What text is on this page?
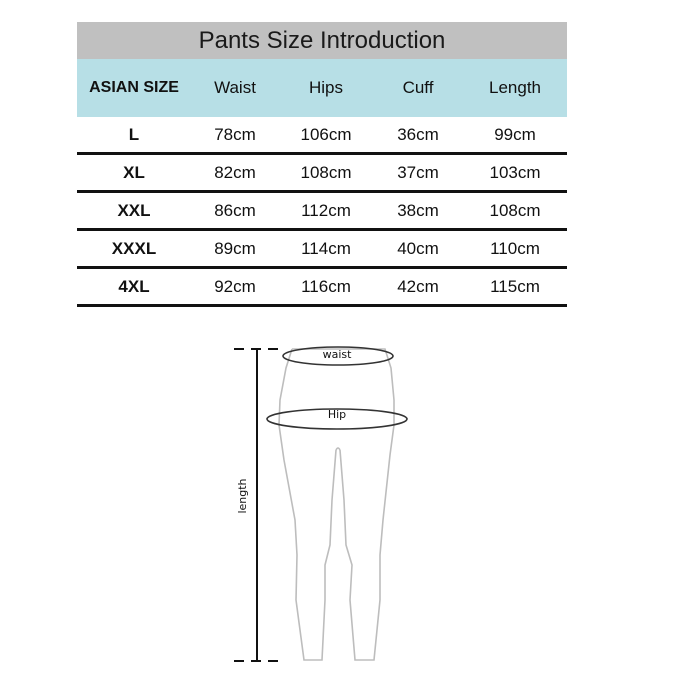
Pants Size Introduction
ASIAN SIZE	Waist	Hips	Cuff	Length
L	78cm	106cm	36cm	99cm
XL	82cm	108cm	37cm	103cm
XXL	86cm	112cm	38cm	108cm
XXXL	89cm	114cm	40cm	110cm
4XL	92cm	116cm	42cm	115cm
length
waist
Hip
